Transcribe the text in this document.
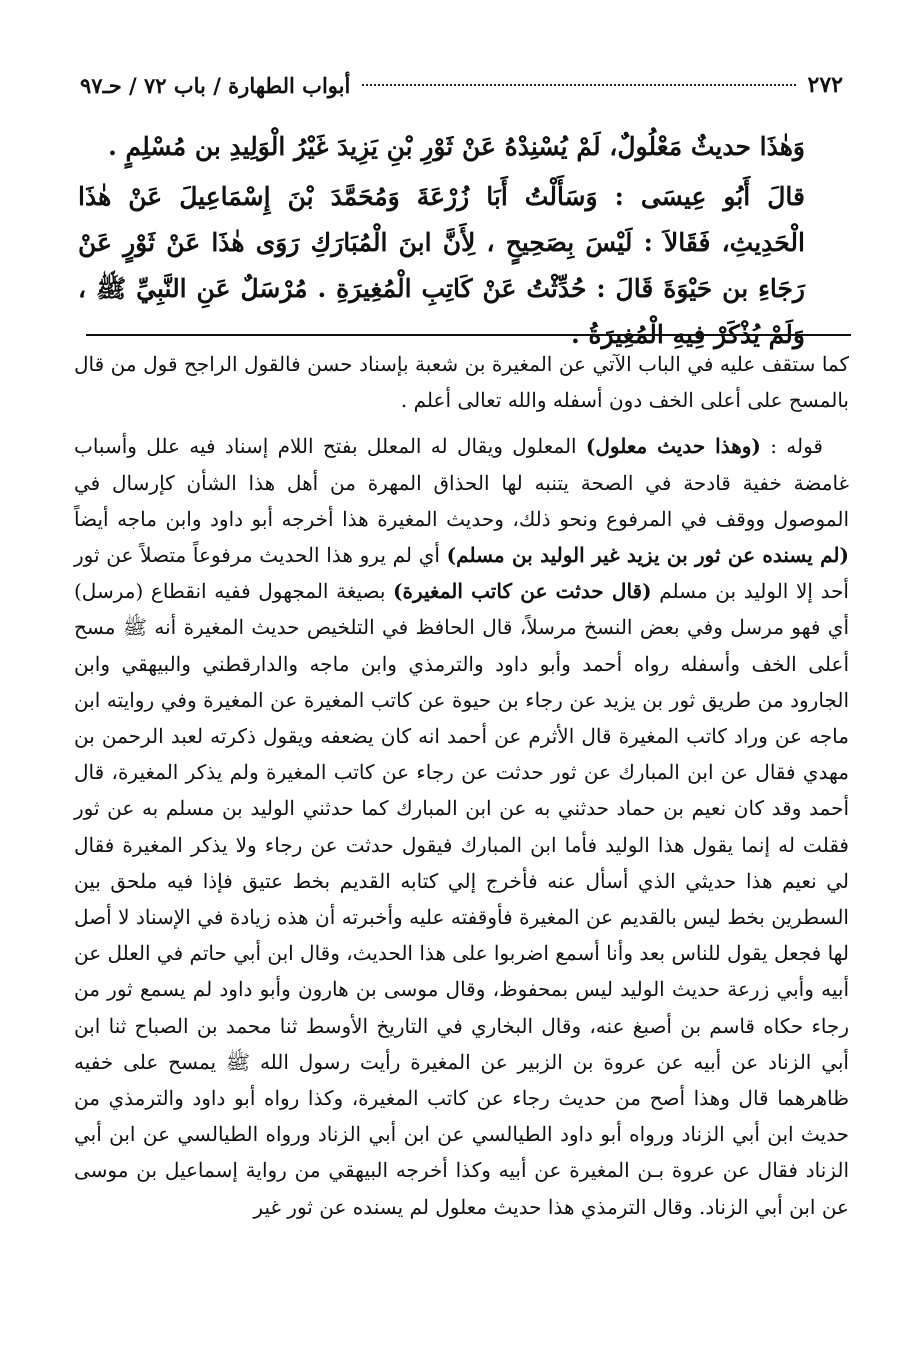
٢٧٢
أبواب الطهارة / باب ٧٢ / حـ٩٧

وَهٰذَا حديثٌ مَعْلُولٌ، لَمْ يُسْنِدْهُ عَنْ ثَوْرِ بْنِ يَزِيدَ غَيْرُ الْوَلِيدِ بن مُسْلِمٍ .

قالَ أَبُو عِيسَى : وَسَأَلْتُ أَبَا زُرْعَةَ وَمُحَمَّدَ بْنَ إِسْمَاعِيلَ عَنْ هٰذَا الْحَدِيثِ، فَقَالاَ : لَيْسَ بِصَحِيحٍ ، لِأَنَّ ابنَ الْمُبَارَكِ رَوَى هٰذَا عَنْ ثَوْرٍ عَنْ رَجَاءِ بن حَيْوَةَ قَالَ : حُدِّثْتُ عَنْ كَاتِبِ الْمُغِيرَةِ . مُرْسَلٌ عَنِ النَّبِيِّ ﷺ ، وَلَمْ يُذْكَرْ فِيهِ الْمُغِيرَةُ .

كما ستقف عليه في الباب الآتي عن المغيرة بن شعبة بإسناد حسن فالقول الراجح قول من قال بالمسح على أعلى الخف دون أسفله والله تعالى أعلم .

قوله : (وهذا حديث معلول) المعلول ويقال له المعلل بفتح اللام إسناد فيه علل وأسباب غامضة خفية قادحة في الصحة يتنبه لها الحذاق المهرة من أهل هذا الشأن كإرسال في الموصول ووقف في المرفوع ونحو ذلك، وحديث المغيرة هذا أخرجه أبو داود وابن ماجه أيضاً (لم يسنده عن ثور بن يزيد غير الوليد بن مسلم) أي لم يرو هذا الحديث مرفوعاً متصلاً عن ثور أحد إلا الوليد بن مسلم (قال حدثت عن كاتب المغيرة) بصيغة المجهول ففيه انقطاع (مرسل) أي فهو مرسل وفي بعض النسخ مرسلاً، قال الحافظ في التلخيص حديث المغيرة أنه ﷺ مسح أعلى الخف وأسفله رواه أحمد وأبو داود والترمذي وابن ماجه والدارقطني والبيهقي وابن الجارود من طريق ثور بن يزيد عن رجاء بن حيوة عن كاتب المغيرة عن المغيرة وفي روايته ابن ماجه عن وراد كاتب المغيرة قال الأثرم عن أحمد انه كان يضعفه ويقول ذكرته لعبد الرحمن بن مهدي فقال عن ابن المبارك عن ثور حدثت عن رجاء عن كاتب المغيرة ولم يذكر المغيرة، قال أحمد وقد كان نعيم بن حماد حدثني به عن ابن المبارك كما حدثني الوليد بن مسلم به عن ثور فقلت له إنما يقول هذا الوليد فأما ابن المبارك فيقول حدثت عن رجاء ولا يذكر المغيرة فقال لي نعيم هذا حديثي الذي أسأل عنه فأخرج إلي كتابه القديم بخط عتيق فإذا فيه ملحق بين السطرين بخط ليس بالقديم عن المغيرة فأوقفته عليه وأخبرته أن هذه زيادة في الإسناد لا أصل لها فجعل يقول للناس بعد وأنا أسمع اضربوا على هذا الحديث، وقال ابن أبي حاتم في العلل عن أبيه وأبي زرعة حديث الوليد ليس بمحفوظ، وقال موسى بن هارون وأبو داود لم يسمع ثور من رجاء حكاه قاسم بن أصبغ عنه، وقال البخاري في التاريخ الأوسط ثنا محمد بن الصباح ثنا ابن أبي الزناد عن أبيه عن عروة بن الزبير عن المغيرة رأيت رسول الله ﷺ يمسح على خفيه ظاهرهما قال وهذا أصح من حديث رجاء عن كاتب المغيرة، وكذا رواه أبو داود والترمذي من حديث ابن أبي الزناد ورواه أبو داود الطيالسي عن ابن أبي الزناد ورواه الطيالسي عن ابن أبي الزناد فقال عن عروة بـن المغيرة عن أبيه وكذا أخرجه البيهقي من رواية إسماعيل بن موسى عن ابن أبي الزناد. وقال الترمذي هذا حديث معلول لم يسنده عن ثور غير
